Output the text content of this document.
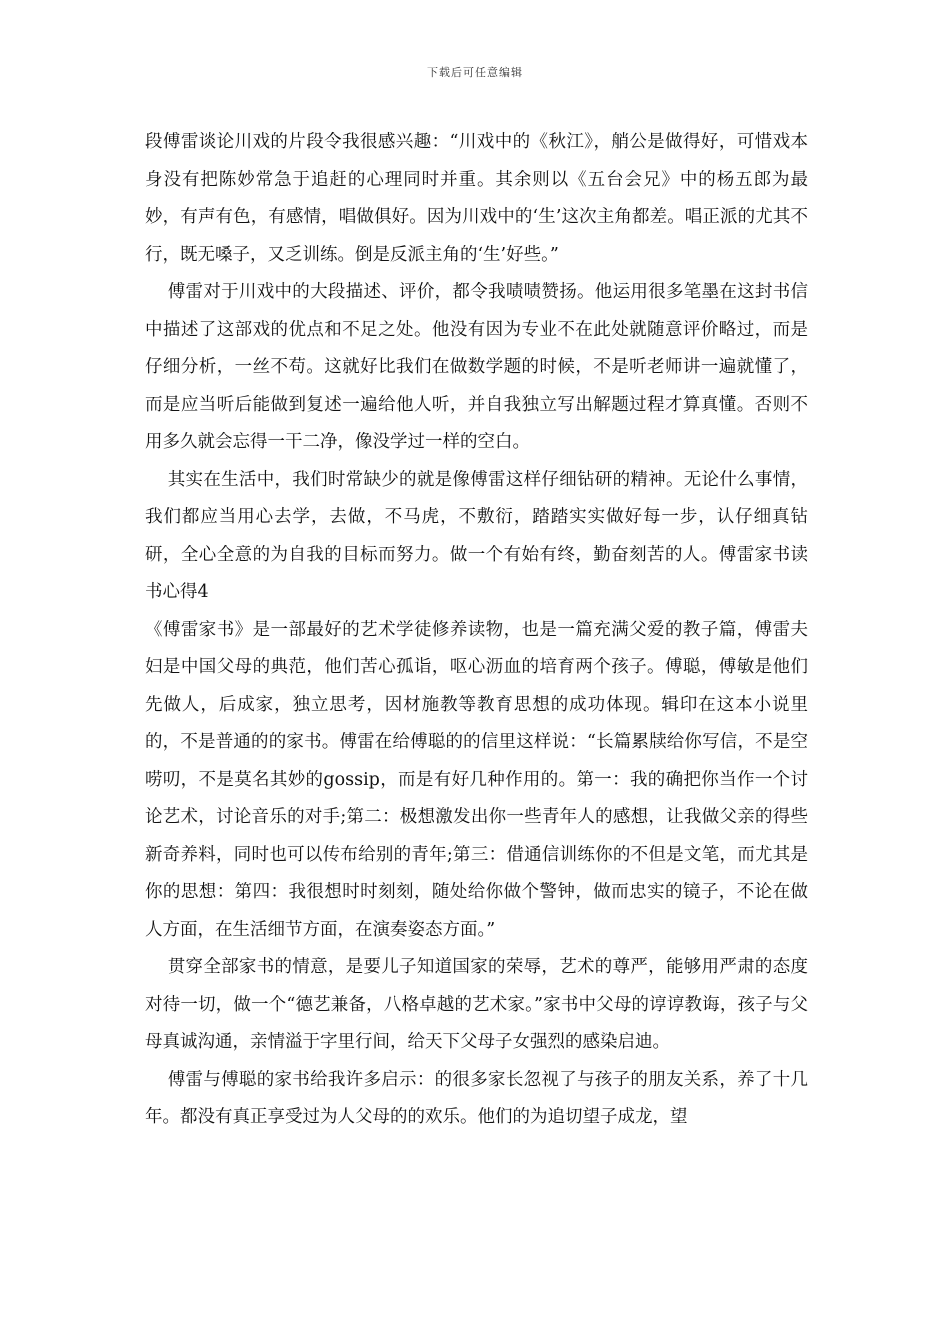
下载后可任意编辑

段傅雷谈论川戏的片段令我很感兴趣：“川戏中的《秋江》，艄公是做得好，可惜戏本身没有把陈妙常急于追赶的心理同时并重。其余则以《五台会兄》中的杨五郎为最妙，有声有色，有感情，唱做俱好。因为川戏中的‘生’这次主角都差。唱正派的尤其不行，既无嗓子，又乏训练。倒是反派主角的‘生’好些。”

傅雷对于川戏中的大段描述、评价，都令我啧啧赞扬。他运用很多笔墨在这封书信中描述了这部戏的优点和不足之处。他没有因为专业不在此处就随意评价略过，而是仔细分析，一丝不苟。这就好比我们在做数学题的时候，不是听老师讲一遍就懂了，而是应当听后能做到复述一遍给他人听，并自我独立写出解题过程才算真懂。否则不用多久就会忘得一干二净，像没学过一样的空白。

其实在生活中，我们时常缺少的就是像傅雷这样仔细钻研的精神。无论什么事情，我们都应当用心去学，去做，不马虎，不敷衍，踏踏实实做好每一步，认仔细真钻研，全心全意的为自我的目标而努力。做一个有始有终，勤奋刻苦的人。傅雷家书读书心得4

《傅雷家书》是一部最好的艺术学徒修养读物，也是一篇充满父爱的教子篇，傅雷夫妇是中国父母的典范，他们苦心孤诣，呕心沥血的培育两个孩子。傅聪，傅敏是他们先做人，后成家，独立思考，因材施教等教育思想的成功体现。辑印在这本小说里的，不是普通的的家书。傅雷在给傅聪的的信里这样说：“长篇累牍给你写信，不是空唠叨，不是莫名其妙的gossip，而是有好几种作用的。第一：我的确把你当作一个讨论艺术，讨论音乐的对手;第二：极想激发出你一些青年人的感想，让我做父亲的得些新奇养料，同时也可以传布给别的青年;第三：借通信训练你的不但是文笔，而尤其是你的思想：第四：我很想时时刻刻，随处给你做个警钟，做而忠实的镜子，不论在做人方面，在生活细节方面，在演奏姿态方面。”

贯穿全部家书的情意，是要儿子知道国家的荣辱，艺术的尊严，能够用严肃的态度对待一切，做一个“德艺兼备，八格卓越的艺术家。”家书中父母的谆谆教诲，孩子与父母真诚沟通，亲情溢于字里行间，给天下父母子女强烈的感染启迪。

傅雷与傅聪的家书给我许多启示：的很多家长忽视了与孩子的朋友关系，养了十几年。都没有真正享受过为人父母的的欢乐。他们的为追切望子成龙，望
